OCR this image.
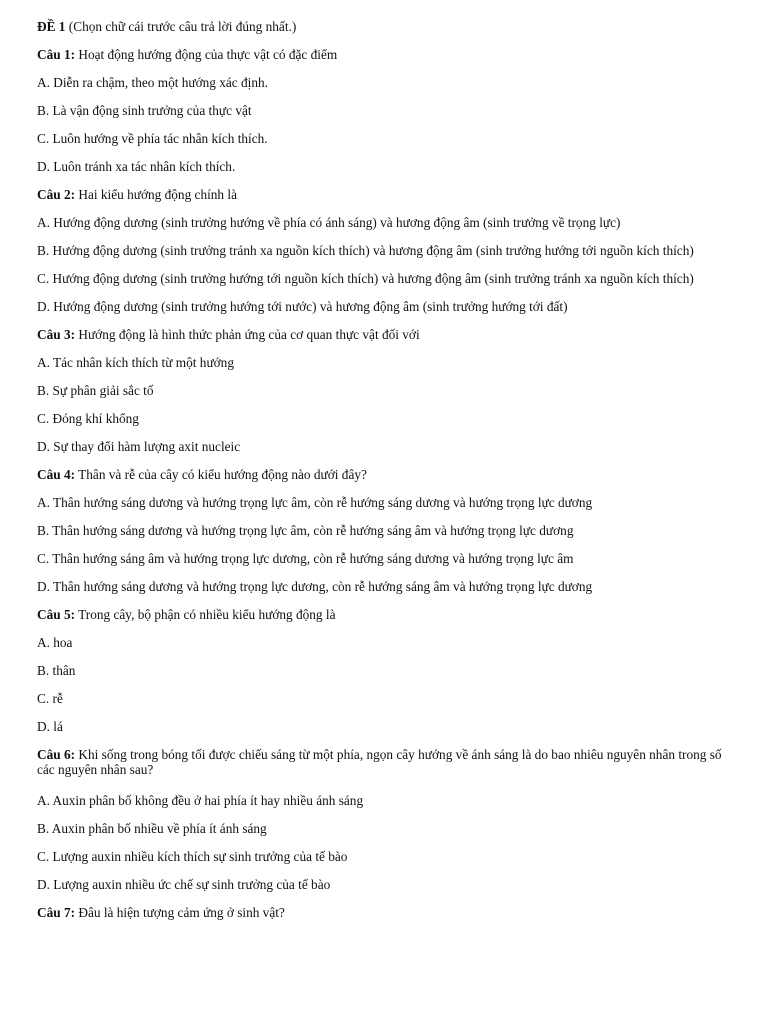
ĐỀ 1 (Chọn chữ cái trước câu trả lời đúng nhất.)
Câu 1: Hoạt động hướng động của thực vật có đặc điểm
A. Diễn ra chậm, theo một hướng xác định.
B. Là vận động sinh trưởng của thực vật
C. Luôn hướng về phía tác nhân kích thích.
D. Luôn tránh xa tác nhân kích thích.
Câu 2: Hai kiểu hướng động chính là
A. Hướng động dương (sinh trưởng hướng về phía có ánh sáng) và hương động âm (sinh trưởng về trọng lực)
B. Hướng động dương (sinh trưởng tránh xa nguồn kích thích) và hương động âm (sinh trưởng hướng tới nguồn kích thích)
C. Hướng động dương (sinh trưởng hướng tới nguồn kích thích) và hương động âm (sinh trưởng tránh xa nguồn kích thích)
D. Hướng động dương (sinh trưởng hướng tới nước) và hương động âm (sinh trưởng hướng tới đất)
Câu 3: Hướng động là hình thức phản ứng của cơ quan thực vật đối với
A. Tác nhân kích thích từ một hướng
B. Sự phân giải sắc tố
C. Đóng khí khổng
D. Sự thay đổi hàm lượng axit nucleic
Câu 4: Thân và rễ của cây có kiểu hướng động nào dưới đây?
A. Thân hướng sáng dương và hướng trọng lực âm, còn rễ hướng sáng dương và hướng trọng lực dương
B. Thân hướng sáng dương và hướng trọng lực âm, còn rễ hướng sáng âm và hướng trọng lực dương
C. Thân hướng sáng âm và hướng trọng lực dương, còn rễ hướng sáng dương và hướng trọng lực âm
D. Thân hướng sáng dương và hướng trọng lực dương, còn rễ hướng sáng âm và hướng trọng lực dương
Câu 5: Trong cây, bộ phận có nhiều kiểu hướng động là
A. hoa
B. thân
C. rễ
D. lá
Câu 6: Khi sống trong bóng tối được chiếu sáng từ một phía, ngọn cây hướng về ánh sáng là do bao nhiêu nguyên nhân trong số các nguyên nhân sau?
A. Auxin phân bố không đều ở hai phía ít hay nhiều ánh sáng
B. Auxin phân bố nhiều về phía ít ánh sáng
C. Lượng auxin nhiều kích thích sự sinh trưởng của tế bào
D. Lượng auxin nhiều ức chế sự sinh trưởng của tế bào
Câu 7: Đâu là hiện tượng cảm ứng ở sinh vật?
